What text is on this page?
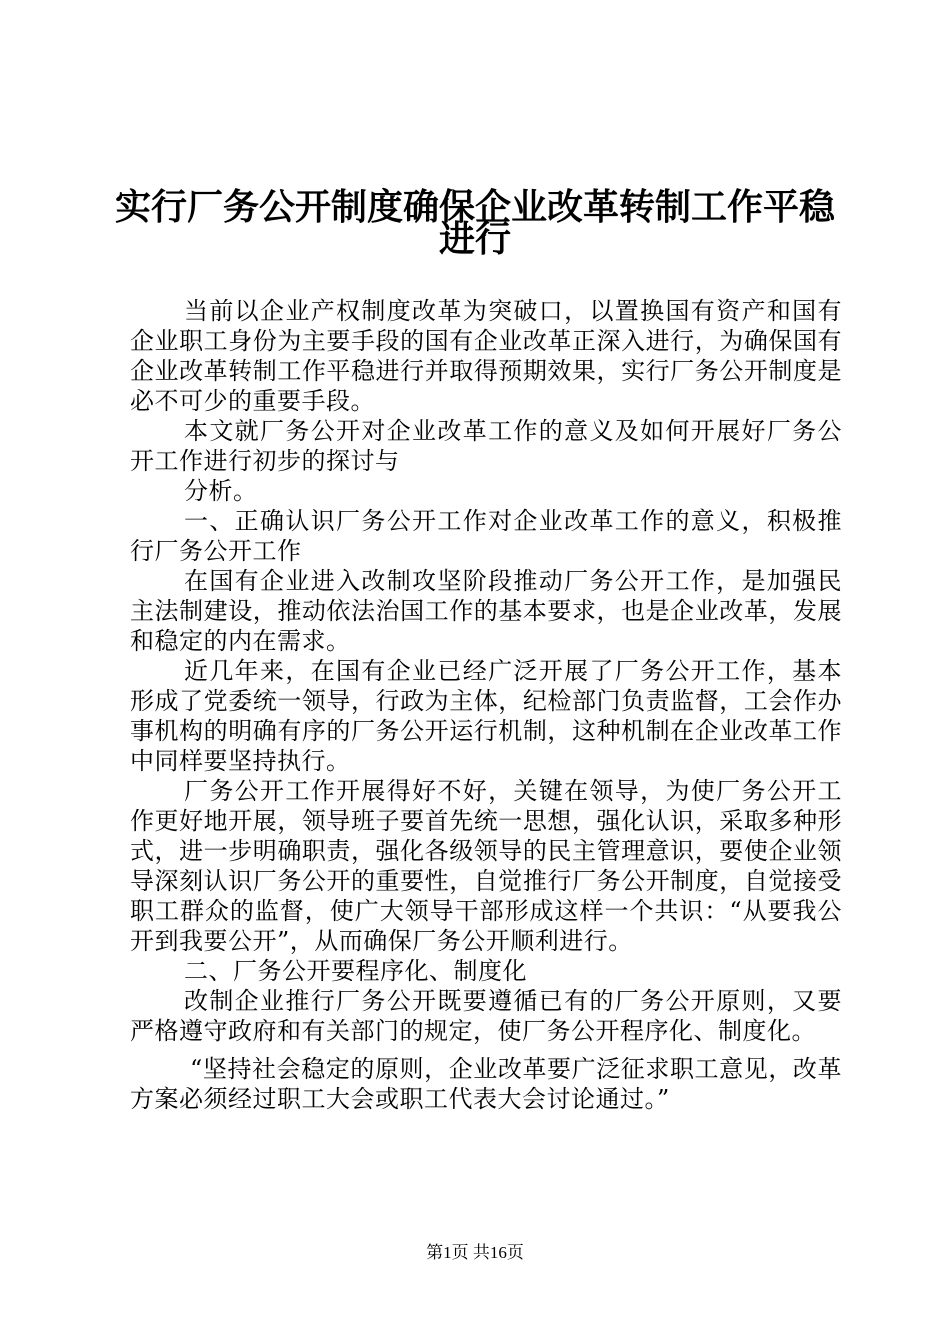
实行厂务公开制度确保企业改革转制工作平稳
进行

当前以企业产权制度改革为突破口，以置换国有资产和国有企业职工身份为主要手段的国有企业改革正深入进行，为确保国有企业改革转制工作平稳进行并取得预期效果，实行厂务公开制度是必不可少的重要手段。

本文就厂务公开对企业改革工作的意义及如何开展好厂务公开工作进行初步的探讨与

分析。

一、正确认识厂务公开工作对企业改革工作的意义，积极推行厂务公开工作

在国有企业进入改制攻坚阶段推动厂务公开工作，是加强民主法制建设，推动依法治国工作的基本要求，也是企业改革，发展和稳定的内在需求。

近几年来，在国有企业已经广泛开展了厂务公开工作，基本形成了党委统一领导，行政为主体，纪检部门负责监督，工会作办事机构的明确有序的厂务公开运行机制，这种机制在企业改革工作中同样要坚持执行。

厂务公开工作开展得好不好，关键在领导，为使厂务公开工作更好地开展，领导班子要首先统一思想，强化认识，采取多种形式，进一步明确职责，强化各级领导的民主管理意识，要使企业领导深刻认识厂务公开的重要性，自觉推行厂务公开制度，自觉接受职工群众的监督，使广大领导干部形成这样一个共识：“从要我公开到我要公开”，从而确保厂务公开顺利进行。

二、厂务公开要程序化、制度化

改制企业推行厂务公开既要遵循已有的厂务公开原则，又要严格遵守政府和有关部门的规定，使厂务公开程序化、制度化。

“坚持社会稳定的原则，企业改革要广泛征求职工意见，改革方案必须经过职工大会或职工代表大会讨论通过。”

第1页 共16页
